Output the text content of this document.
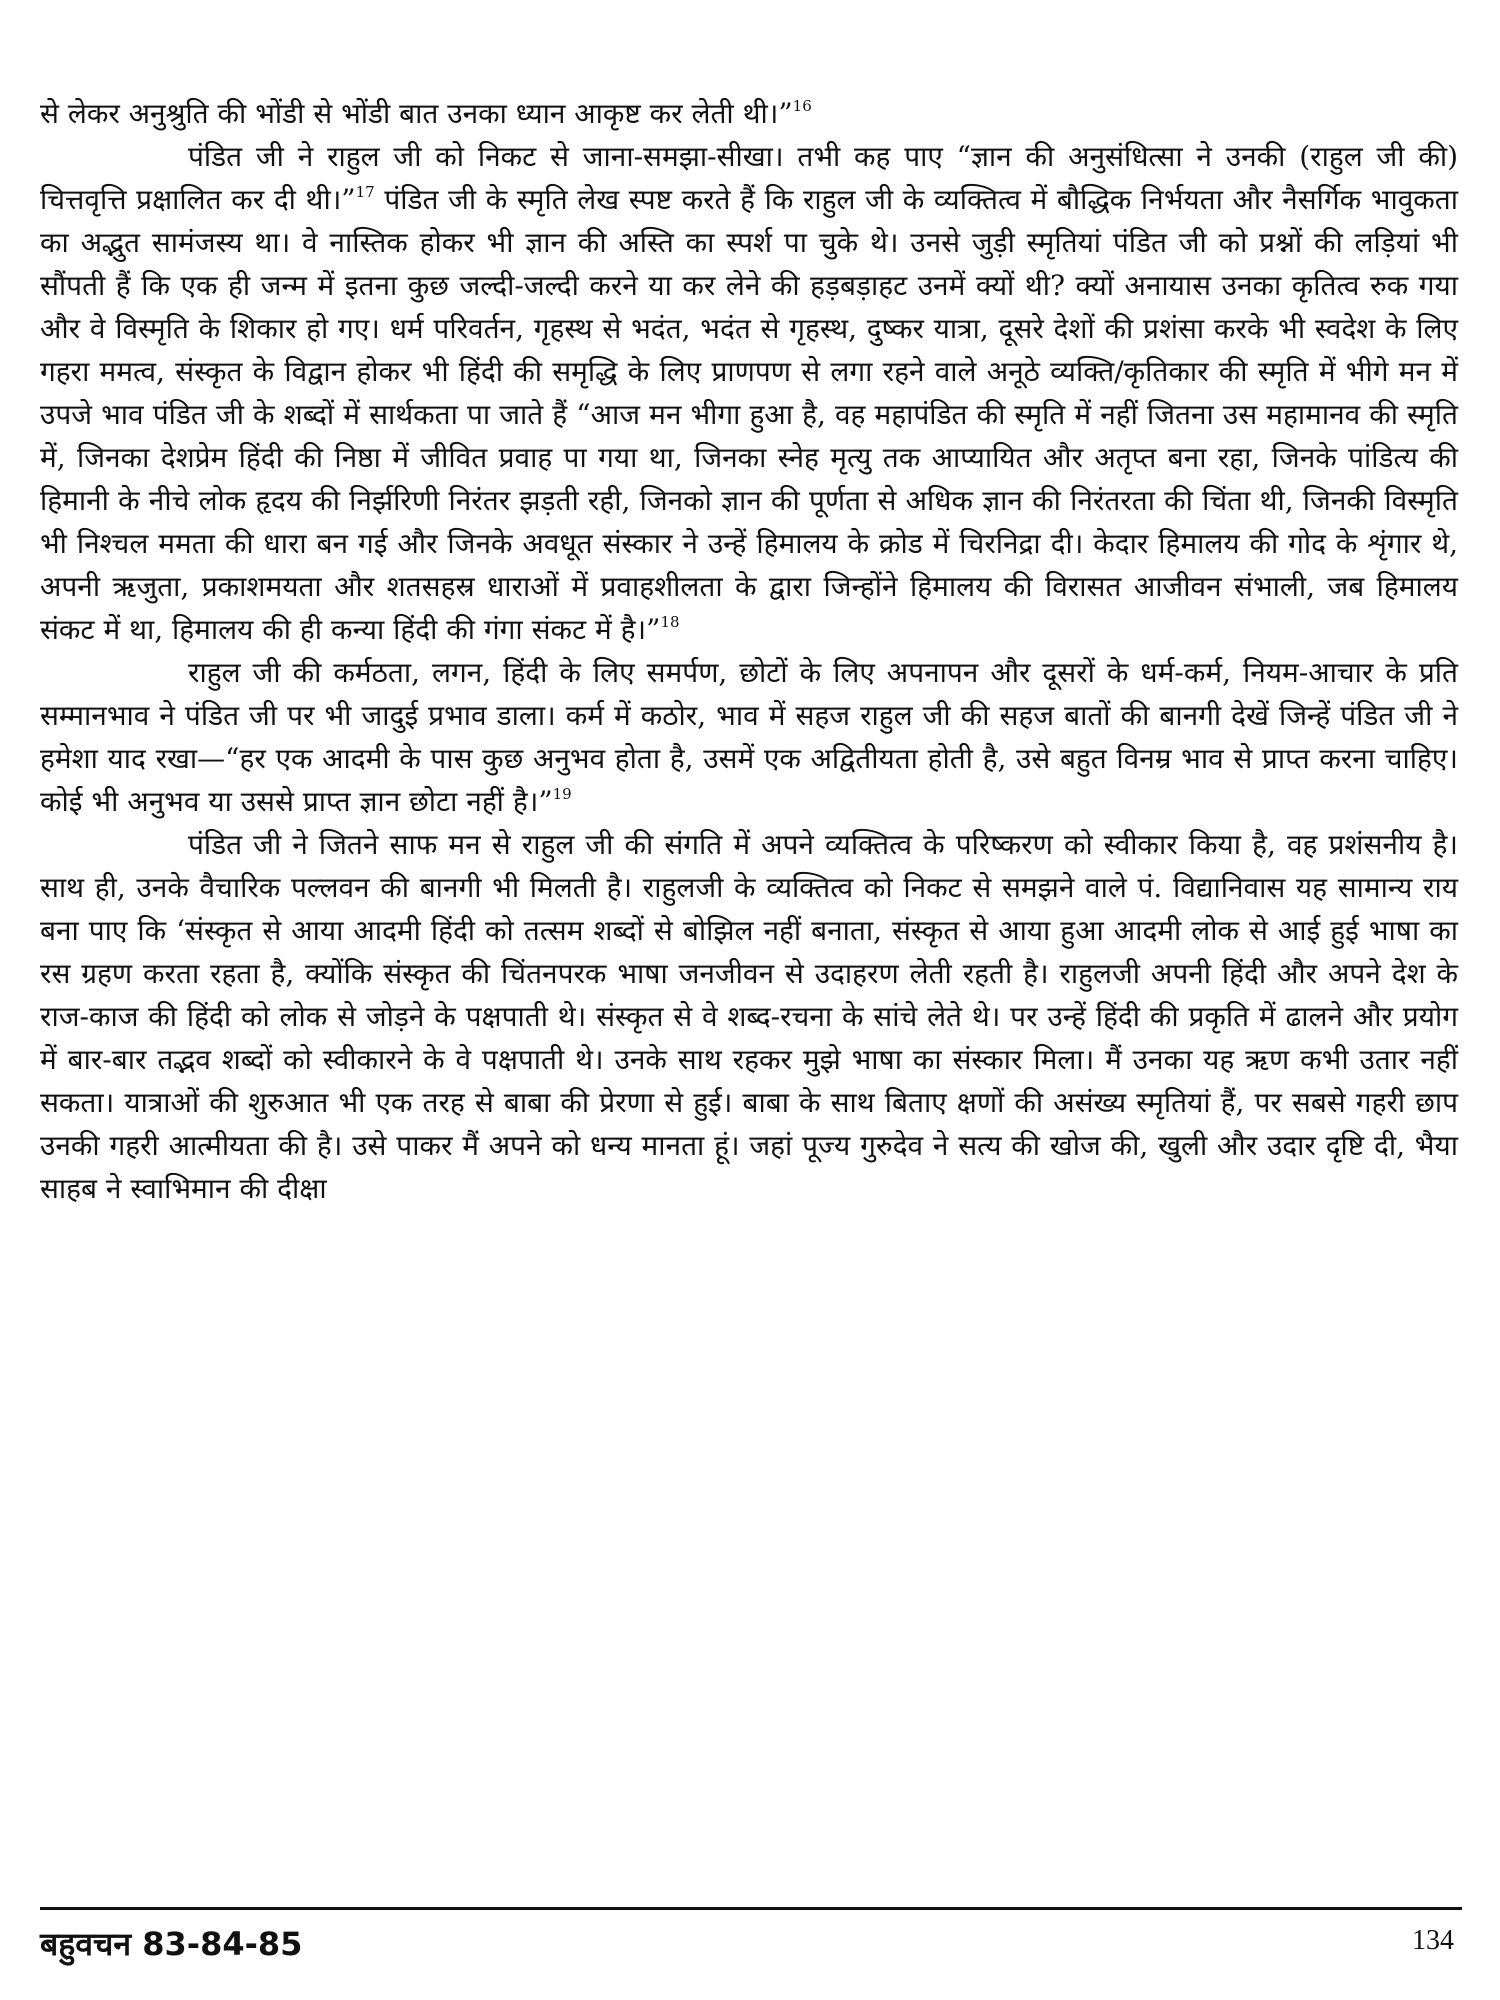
से लेकर अनुश्रुति की भोंडी से भोंडी बात उनका ध्यान आकृष्ट कर लेती थी।”$^{16}$

पंडित जी ने राहुल जी को निकट से जाना-समझा-सीखा। तभी कह पाए “ज्ञान की अनुसंधित्सा ने उनकी (राहुल जी की) चित्तवृत्ति प्रक्षालित कर दी थी।”$^{17}$ पंडित जी के स्मृति लेख स्पष्ट करते हैं कि राहुल जी के व्यक्तित्व में बौद्धिक निर्भयता और नैसर्गिक भावुकता का अद्भुत सामंजस्य था। वे नास्तिक होकर भी ज्ञान की अस्ति का स्पर्श पा चुके थे। उनसे जुड़ी स्मृतियां पंडित जी को प्रश्नों की लड़ियां भी सौंपती हैं कि एक ही जन्म में इतना कुछ जल्दी-जल्दी करने या कर लेने की हड़बड़ाहट उनमें क्यों थी? क्यों अनायास उनका कृतित्व रुक गया और वे विस्मृति के शिकार हो गए। धर्म परिवर्तन, गृहस्थ से भदंत, भदंत से गृहस्थ, दुष्कर यात्रा, दूसरे देशों की प्रशंसा करके भी स्वदेश के लिए गहरा ममत्व, संस्कृत के विद्वान होकर भी हिंदी की समृद्धि के लिए प्राणपण से लगा रहने वाले अनूठे व्यक्ति/कृतिकार की स्मृति में भीगे मन में उपजे भाव पंडित जी के शब्दों में सार्थकता पा जाते हैं “आज मन भीगा हुआ है, वह महापंडित की स्मृति में नहीं जितना उस महामानव की स्मृति में, जिनका देशप्रेम हिंदी की निष्ठा में जीवित प्रवाह पा गया था, जिनका स्नेह मृत्यु तक आप्यायित और अतृप्त बना रहा, जिनके पांडित्य की हिमानी के नीचे लोक हृदय की निर्झरिणी निरंतर झड़ती रही, जिनको ज्ञान की पूर्णता से अधिक ज्ञान की निरंतरता की चिंता थी, जिनकी विस्मृति भी निश्चल ममता की धारा बन गई और जिनके अवधूत संस्कार ने उन्हें हिमालय के क्रोड में चिरनिद्रा दी। केदार हिमालय की गोद के शृंगार थे, अपनी ऋजुता, प्रकाशमयता और शतसहस्र धाराओं में प्रवाहशीलता के द्वारा जिन्होंने हिमालय की विरासत आजीवन संभाली, जब हिमालय संकट में था, हिमालय की ही कन्या हिंदी की गंगा संकट में है।”$^{18}$

राहुल जी की कर्मठता, लगन, हिंदी के लिए समर्पण, छोटों के लिए अपनापन और दूसरों के धर्म-कर्म, नियम-आचार के प्रति सम्मानभाव ने पंडित जी पर भी जादुई प्रभाव डाला। कर्म में कठोर, भाव में सहज राहुल जी की सहज बातों की बानगी देखें जिन्हें पंडित जी ने हमेशा याद रखा—“हर एक आदमी के पास कुछ अनुभव होता है, उसमें एक अद्वितीयता होती है, उसे बहुत विनम्र भाव से प्राप्त करना चाहिए। कोई भी अनुभव या उससे प्राप्त ज्ञान छोटा नहीं है।”$^{19}$

पंडित जी ने जितने साफ मन से राहुल जी की संगति में अपने व्यक्तित्व के परिष्करण को स्वीकार किया है, वह प्रशंसनीय है। साथ ही, उनके वैचारिक पल्लवन की बानगी भी मिलती है। राहुलजी के व्यक्तित्व को निकट से समझने वाले पं. विद्यानिवास यह सामान्य राय बना पाए कि ‘संस्कृत से आया आदमी हिंदी को तत्सम शब्दों से बोझिल नहीं बनाता, संस्कृत से आया हुआ आदमी लोक से आई हुई भाषा का रस ग्रहण करता रहता है, क्योंकि संस्कृत की चिंतनपरक भाषा जनजीवन से उदाहरण लेती रहती है। राहुलजी अपनी हिंदी और अपने देश के राज-काज की हिंदी को लोक से जोड़ने के पक्षपाती थे। संस्कृत से वे शब्द-रचना के सांचे लेते थे। पर उन्हें हिंदी की प्रकृति में ढालने और प्रयोग में बार-बार तद्भव शब्दों को स्वीकारने के वे पक्षपाती थे। उनके साथ रहकर मुझे भाषा का संस्कार मिला। मैं उनका यह ऋण कभी उतार नहीं सकता। यात्राओं की शुरुआत भी एक तरह से बाबा की प्रेरणा से हुई। बाबा के साथ बिताए क्षणों की असंख्य स्मृतियां हैं, पर सबसे गहरी छाप उनकी गहरी आत्मीयता की है। उसे पाकर मैं अपने को धन्य मानता हूं। जहां पूज्य गुरुदेव ने सत्य की खोज की, खुली और उदार दृष्टि दी, भैया साहब ने स्वाभिमान की दीक्षा

बहुवचन 83-84-85	134
